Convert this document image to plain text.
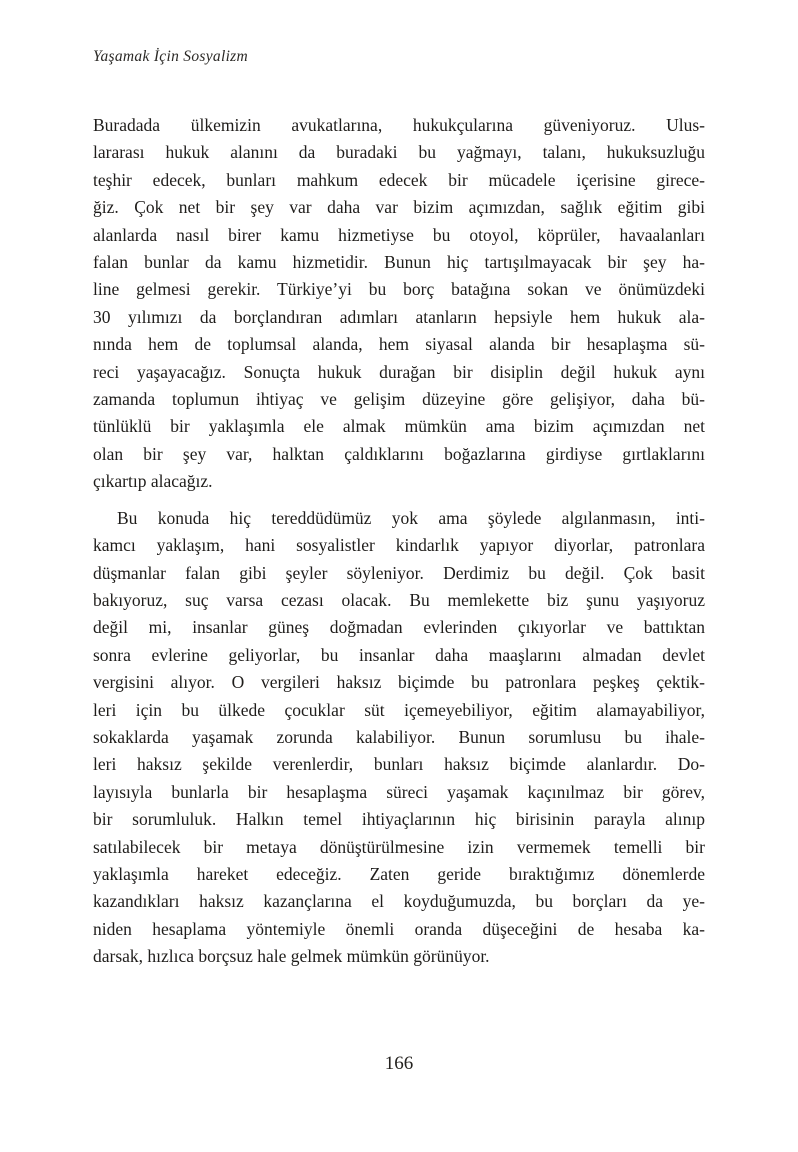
Yaşamak İçin Sosyalizm
Buradada ülkemizin avukatlarına, hukukçularına güveniyoruz. Ulus-
lararası hukuk alanını da buradaki bu yağmayı, talanı, hukuksuzluğu
teşhir edecek, bunları mahkum edecek bir mücadele içerisine girece-
ğiz. Çok net bir şey var daha var bizim açımızdan, sağlık eğitim gibi
alanlarda nasıl birer kamu hizmetiyse bu otoyol, köprüler, havaalanları
falan bunlar da kamu hizmetidir. Bunun hiç tartışılmayacak bir şey ha-
line gelmesi gerekir. Türkiye’yi bu borç batağına sokan ve önümüzdeki
30 yılımızı da borçlandıran adımları atanların hepsiyle hem hukuk ala-
nında hem de toplumsal alanda, hem siyasal alanda bir hesaplaşma sü-
reci yaşayacağız. Sonuçta hukuk durağan bir disiplin değil hukuk aynı
zamanda toplumun ihtiyaç ve gelişim düzeyine göre gelişiyor, daha bü-
tünlüklü bir yaklaşımla ele almak mümkün ama bizim açımızdan net
olan bir şey var, halktan çaldıklarını boğazlarına girdiyse gırtlaklarını
çıkartıp alacağız.
Bu konuda hiç tereddüdümüz yok ama şöylede algılanmasın, inti-
kamcı yaklaşım, hani sosyalistler kindarlık yapıyor diyorlar, patronlara
düşmanlar falan gibi şeyler söyleniyor. Derdimiz bu değil. Çok basit
bakıyoruz, suç varsa cezası olacak. Bu memlekette biz şunu yaşıyoruz
değil mi, insanlar güneş doğmadan evlerinden çıkıyorlar ve battıktan
sonra evlerine geliyorlar, bu insanlar daha maaşlarını almadan devlet
vergisini alıyor. O vergileri haksız biçimde bu patronlara peşkeş çektik-
leri için bu ülkede çocuklar süt içemeyebiliyor, eğitim alamayabiliyor,
sokaklarda yaşamak zorunda kalabiliyor. Bunun sorumlusu bu ihale-
leri haksız şekilde verenlerdir, bunları haksız biçimde alanlardır. Do-
layısıyla bunlarla bir hesaplaşma süreci yaşamak kaçınılmaz bir görev,
bir sorumluluk. Halkın temel ihtiyaçlarının hiç birisinin parayla alınıp
satılabilecek bir metaya dönüştürülmesine izin vermemek temelli bir
yaklaşımla hareket edeceğiz. Zaten geride bıraktığımız dönemlerde
kazandıkları haksız kazançlarına el koyduğumuzda, bu borçları da ye-
niden hesaplama yöntemiyle önemli oranda düşeceğini de hesaba ka-
darsak, hızlıca borçsuz hale gelmek mümkün görünüyor.
166
